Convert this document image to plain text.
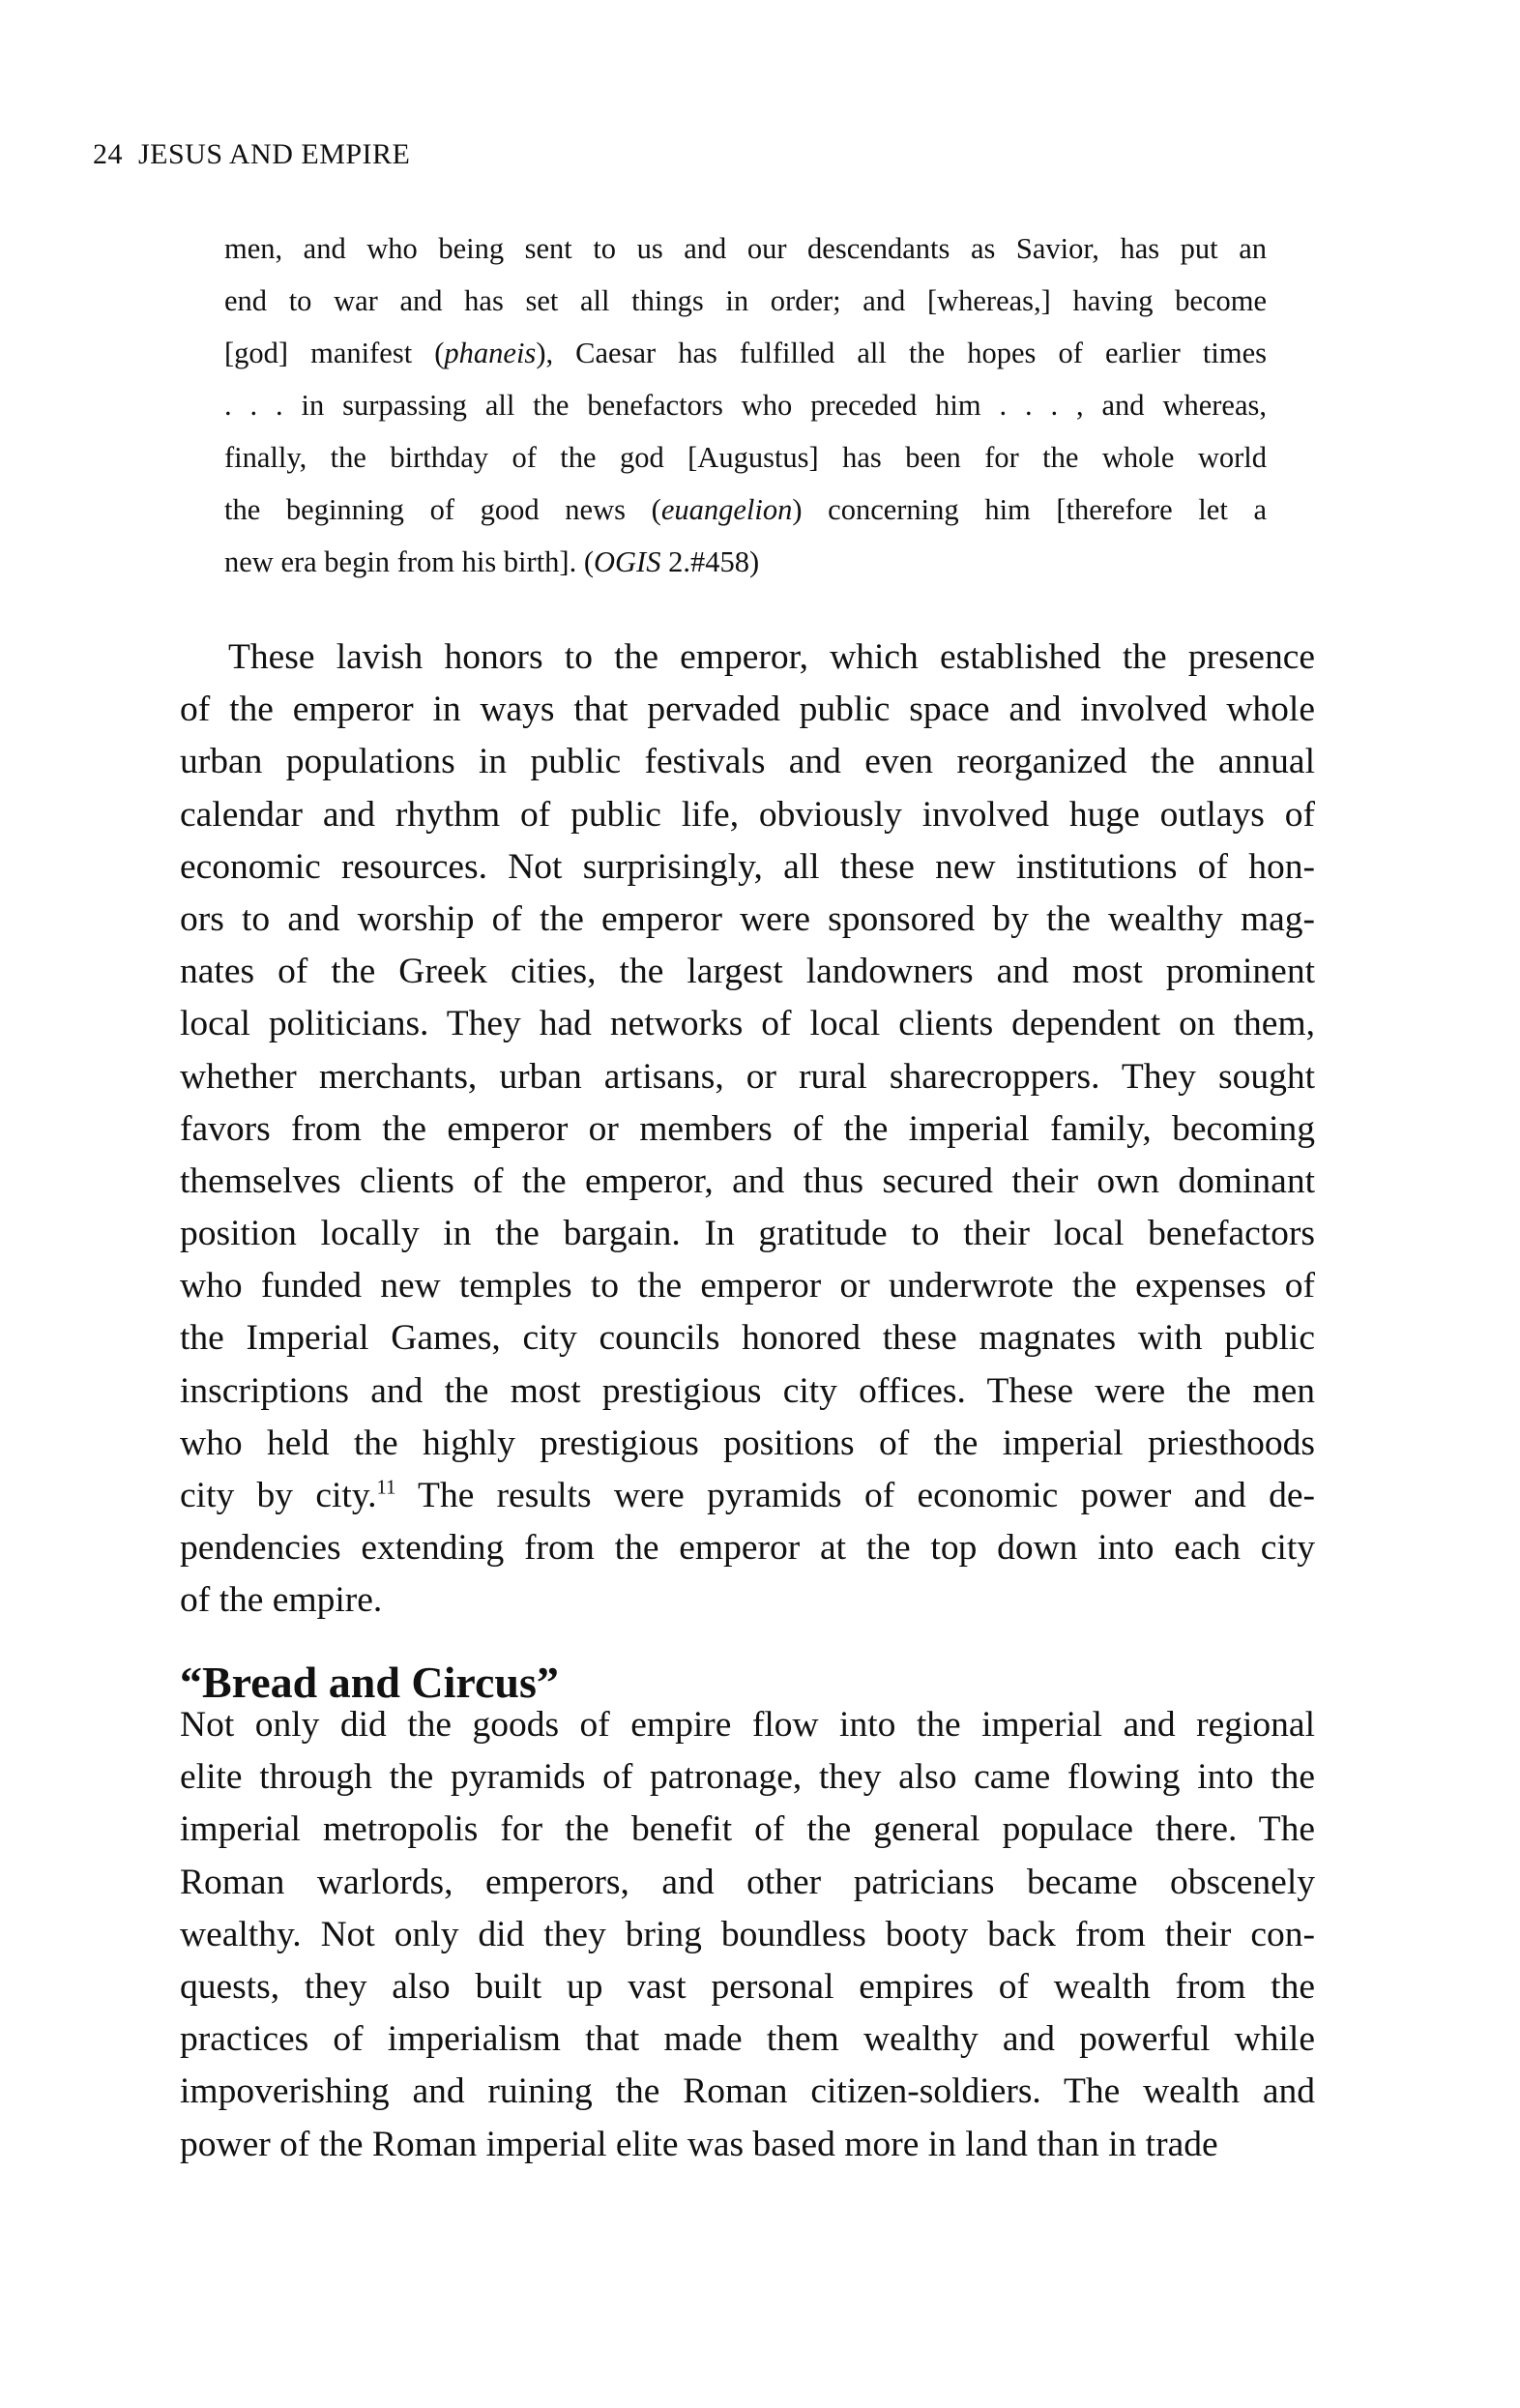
24 JESUS AND EMPIRE
men, and who being sent to us and our descendants as Savior, has put an
end to war and has set all things in order; and [whereas,] having become
[god] manifest (phaneis), Caesar has fulfilled all the hopes of earlier times
. . . in surpassing all the benefactors who preceded him . . . , and whereas,
finally, the birthday of the god [Augustus] has been for the whole world
the beginning of good news (euangelion) concerning him [therefore let a
new era begin from his birth]. (OGIS 2.#458)
These lavish honors to the emperor, which established the presence
of the emperor in ways that pervaded public space and involved whole
urban populations in public festivals and even reorganized the annual
calendar and rhythm of public life, obviously involved huge outlays of
economic resources. Not surprisingly, all these new institutions of hon-
ors to and worship of the emperor were sponsored by the wealthy mag-
nates of the Greek cities, the largest landowners and most prominent
local politicians. They had networks of local clients dependent on them,
whether merchants, urban artisans, or rural sharecroppers. They sought
favors from the emperor or members of the imperial family, becoming
themselves clients of the emperor, and thus secured their own dominant
position locally in the bargain. In gratitude to their local benefactors
who funded new temples to the emperor or underwrote the expenses of
the Imperial Games, city councils honored these magnates with public
inscriptions and the most prestigious city offices. These were the men
who held the highly prestigious positions of the imperial priesthoods
city by city.$^{11}$ The results were pyramids of economic power and de-
pendencies extending from the emperor at the top down into each city
of the empire.
“Bread and Circus”
Not only did the goods of empire flow into the imperial and regional
elite through the pyramids of patronage, they also came flowing into the
imperial metropolis for the benefit of the general populace there. The
Roman warlords, emperors, and other patricians became obscenely
wealthy. Not only did they bring boundless booty back from their con-
quests, they also built up vast personal empires of wealth from the
practices of imperialism that made them wealthy and powerful while
impoverishing and ruining the Roman citizen-soldiers. The wealth and
power of the Roman imperial elite was based more in land than in trade
